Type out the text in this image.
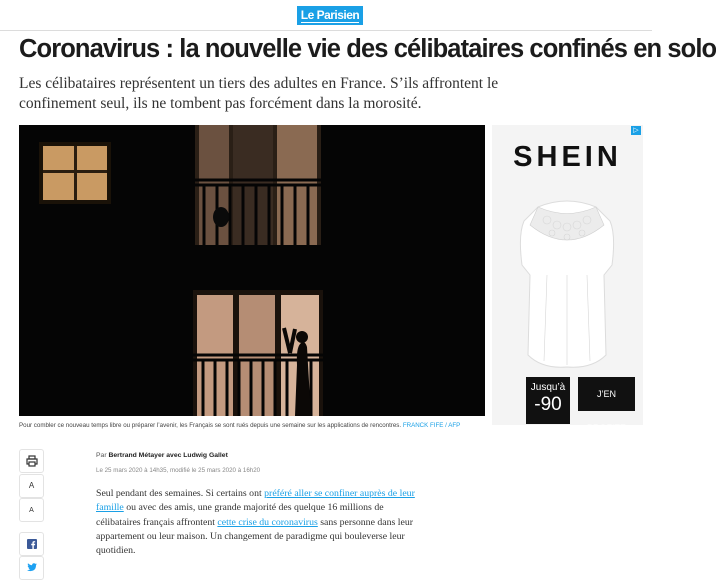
Le Parisien
Coronavirus : la nouvelle vie des célibataires confinés en solo

Les célibataires représentent un tiers des adultes en France. S’ils affrontent le confinement seul, ils ne tombent pas forcément dans la morosité.

Pour combler ce nouveau temps libre ou préparer l’avenir, les Français se sont rués depuis une semaine sur les applications de rencontres. FRANCK FIFE / AFP
▷
SHEIN
Jusqu’à
-90	J’EN PROFITE
A
A
Par Bertrand Métayer avec Ludwig Gallet
Le 25 mars 2020 à 14h35, modifié le 25 mars 2020 à 16h20

Seul pendant des semaines. Si certains ont préféré aller se confiner auprès de leur famille ou avec des amis, une grande majorité des quelque 16 millions de célibataires français affrontent cette crise du coronavirus sans personne dans leur appartement ou leur maison. Un changement de paradigme qui bouleverse leur quotidien.
